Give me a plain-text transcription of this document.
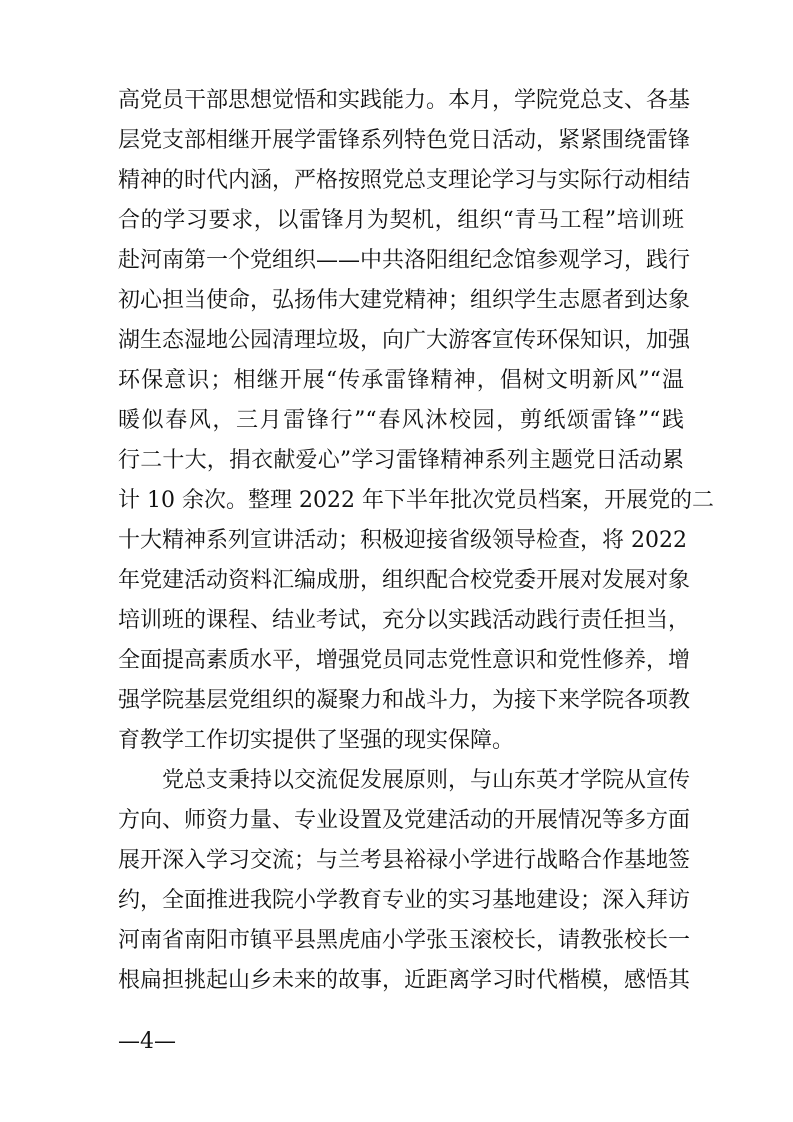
高党员干部思想觉悟和实践能力。本月，学院党总支、各基
层党支部相继开展学雷锋系列特色党日活动，紧紧围绕雷锋
精神的时代内涵，严格按照党总支理论学习与实际行动相结
合的学习要求，以雷锋月为契机，组织“青马工程”培训班
赴河南第一个党组织——中共洛阳组纪念馆参观学习，践行
初心担当使命，弘扬伟大建党精神；组织学生志愿者到达象
湖生态湿地公园清理垃圾，向广大游客宣传环保知识，加强
环保意识；相继开展“传承雷锋精神，倡树文明新风”“温
暖似春风，三月雷锋行”“春风沐校园，剪纸颂雷锋”“践
行二十大，捐衣献爱心”学习雷锋精神系列主题党日活动累
计 10 余次。整理 2022 年下半年批次党员档案，开展党的二
十大精神系列宣讲活动；积极迎接省级领导检查，将 2022
年党建活动资料汇编成册，组织配合校党委开展对发展对象
培训班的课程、结业考试，充分以实践活动践行责任担当，
全面提高素质水平，增强党员同志党性意识和党性修养，增
强学院基层党组织的凝聚力和战斗力，为接下来学院各项教
育教学工作切实提供了坚强的现实保障。
党总支秉持以交流促发展原则，与山东英才学院从宣传
方向、师资力量、专业设置及党建活动的开展情况等多方面
展开深入学习交流；与兰考县裕禄小学进行战略合作基地签
约，全面推进我院小学教育专业的实习基地建设；深入拜访
河南省南阳市镇平县黑虎庙小学张玉滚校长，请教张校长一
根扁担挑起山乡未来的故事，近距离学习时代楷模，感悟其
—4—
